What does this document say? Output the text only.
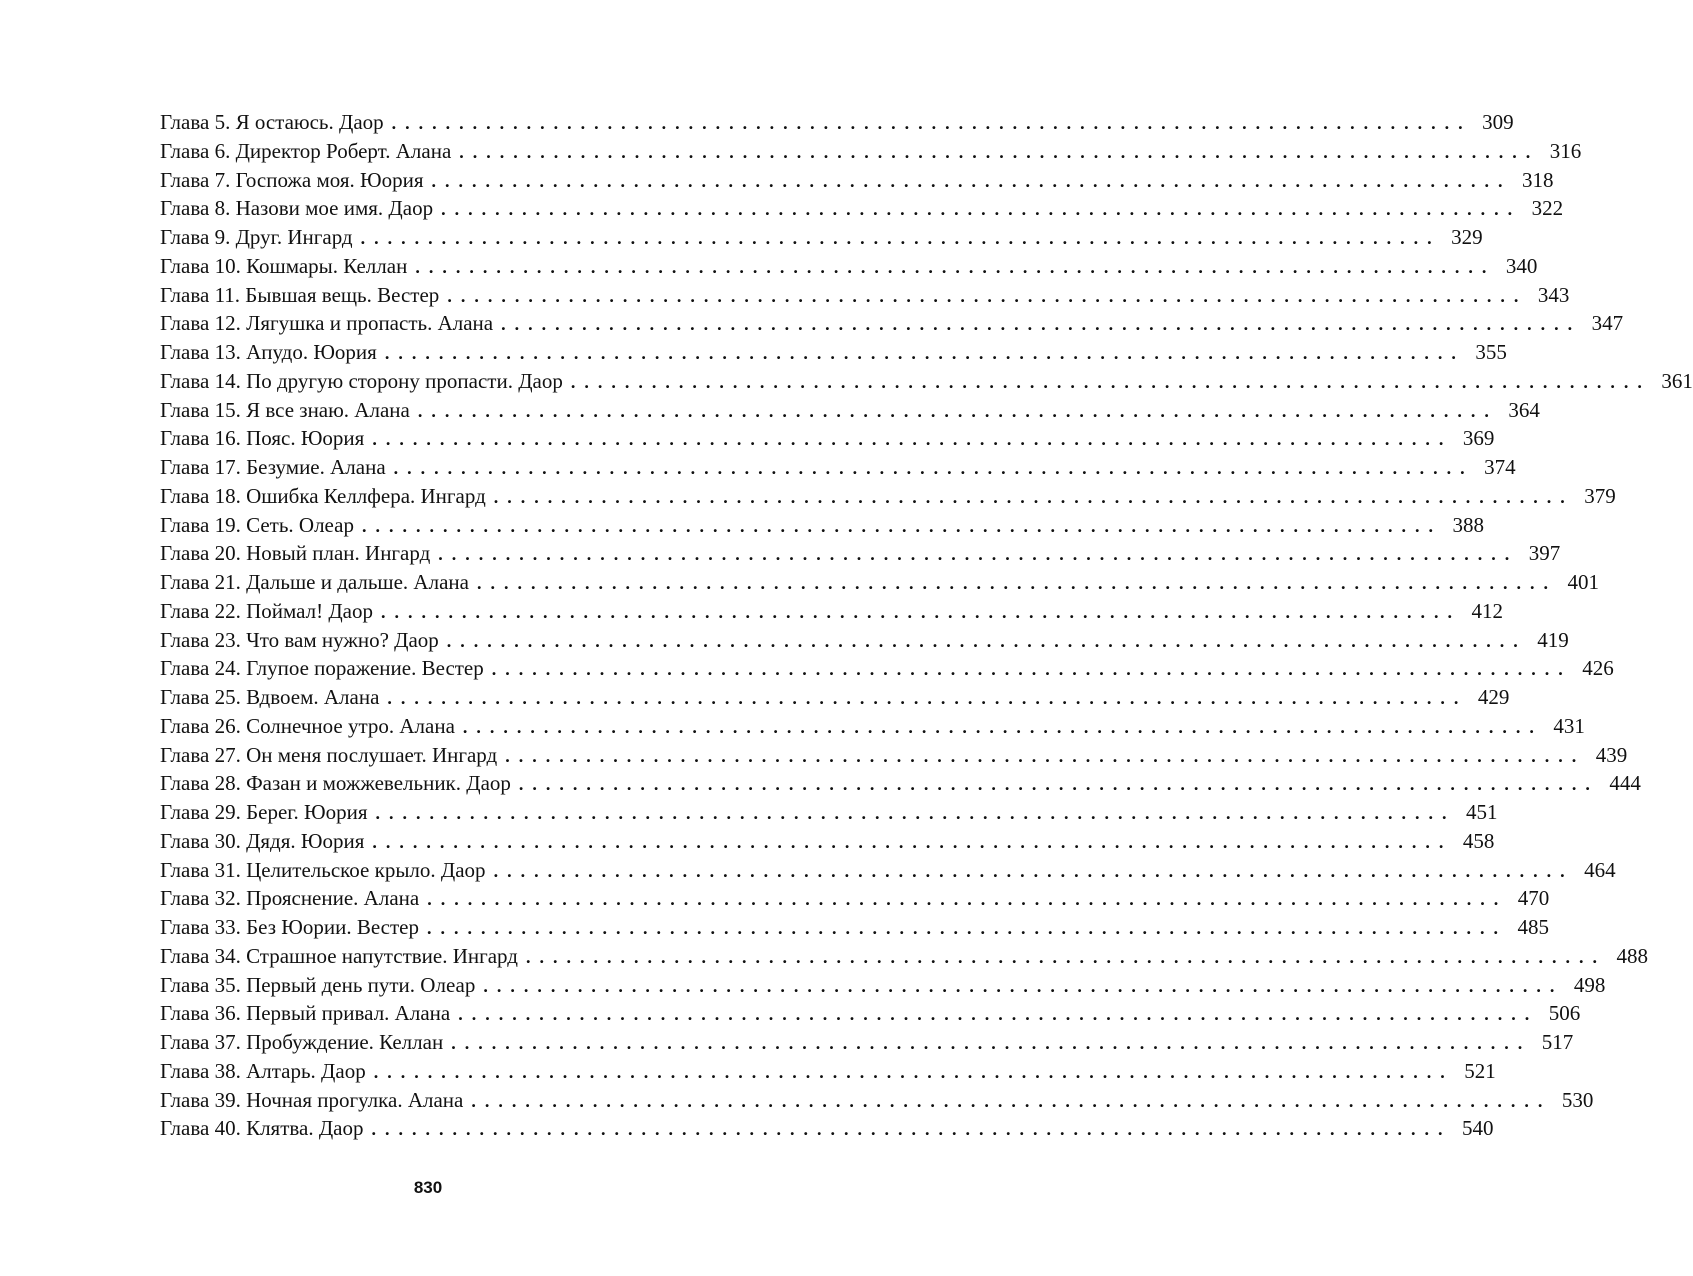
Глава 5. Я остаюсь. Даор ................................................................................ 309
Глава 6. Директор Роберт. Алана ................................................................................ 316
Глава 7. Госпожа моя. Юория ................................................................................ 318
Глава 8. Назови мое имя. Даор ................................................................................ 322
Глава 9. Друг. Ингард ................................................................................ 329
Глава 10. Кошмары. Келлан ................................................................................ 340
Глава 11. Бывшая вещь. Вестер ................................................................................ 343
Глава 12. Лягушка и пропасть. Алана ................................................................................ 347
Глава 13. Апудо. Юория ................................................................................ 355
Глава 14. По другую сторону пропасти. Даор ................................................................................ 361
Глава 15. Я все знаю. Алана ................................................................................ 364
Глава 16. Пояс. Юория ................................................................................ 369
Глава 17. Безумие. Алана ................................................................................ 374
Глава 18. Ошибка Келлфера. Ингард ................................................................................ 379
Глава 19. Сеть. Олеар ................................................................................ 388
Глава 20. Новый план. Ингард ................................................................................ 397
Глава 21. Дальше и дальше. Алана ................................................................................ 401
Глава 22. Поймал! Даор ................................................................................ 412
Глава 23. Что вам нужно? Даор ................................................................................ 419
Глава 24. Глупое поражение. Вестер ................................................................................ 426
Глава 25. Вдвоем. Алана ................................................................................ 429
Глава 26. Солнечное утро. Алана ................................................................................ 431
Глава 27. Он меня послушает. Ингард ................................................................................ 439
Глава 28. Фазан и можжевельник. Даор ................................................................................ 444
Глава 29. Берег. Юория ................................................................................ 451
Глава 30. Дядя. Юория ................................................................................ 458
Глава 31. Целительское крыло. Даор ................................................................................ 464
Глава 32. Прояснение. Алана ................................................................................ 470
Глава 33. Без Юории. Вестер ................................................................................ 485
Глава 34. Страшное напутствие. Ингард ................................................................................ 488
Глава 35. Первый день пути. Олеар ................................................................................ 498
Глава 36. Первый привал. Алана ................................................................................ 506
Глава 37. Пробуждение. Келлан ................................................................................ 517
Глава 38. Алтарь. Даор ................................................................................ 521
Глава 39. Ночная прогулка. Алана ................................................................................ 530
Глава 40. Клятва. Даор ................................................................................ 540
830
